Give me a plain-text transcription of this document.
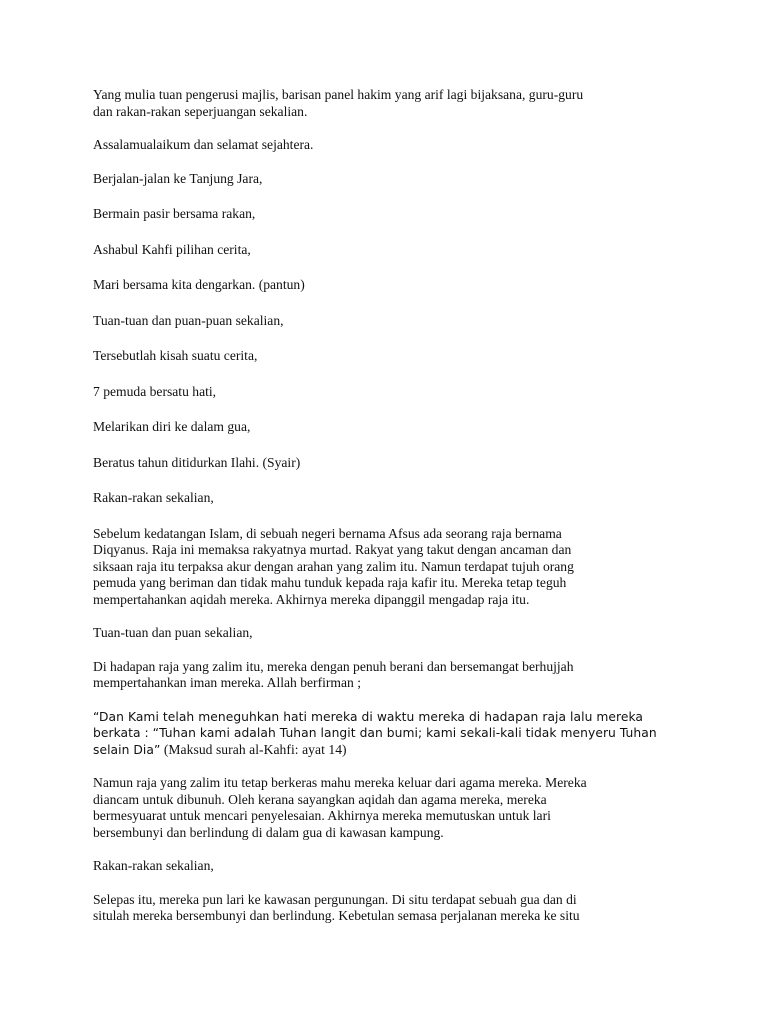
Yang mulia tuan pengerusi majlis, barisan panel hakim yang arif lagi bijaksana, guru-guru
dan rakan-rakan seperjuangan sekalian.

Assalamualaikum dan selamat sejahtera.

Berjalan-jalan ke Tanjung Jara,

Bermain pasir bersama rakan,

Ashabul Kahfi pilihan cerita,

Mari bersama kita dengarkan. (pantun)

Tuan-tuan dan puan-puan sekalian,

Tersebutlah kisah suatu cerita,

7 pemuda bersatu hati,

Melarikan diri ke dalam gua,

Beratus tahun ditidurkan Ilahi. (Syair)

Rakan-rakan sekalian,

Sebelum kedatangan Islam, di sebuah negeri bernama Afsus ada seorang raja bernama
Diqyanus. Raja ini memaksa rakyatnya murtad. Rakyat yang takut dengan ancaman dan
siksaan raja itu terpaksa akur dengan arahan yang zalim itu. Namun terdapat tujuh orang
pemuda yang beriman dan tidak mahu tunduk kepada raja kafir itu. Mereka tetap teguh
mempertahankan aqidah mereka. Akhirnya mereka dipanggil mengadap raja itu.

Tuan-tuan dan puan sekalian,

Di hadapan raja yang zalim itu, mereka dengan penuh berani dan bersemangat berhujjah
mempertahankan iman mereka. Allah berfirman ;

“Dan Kami telah meneguhkan hati mereka di waktu mereka di hadapan raja lalu mereka
berkata : “Tuhan kami adalah Tuhan langit dan bumi; kami sekali-kali tidak menyeru Tuhan
selain Dia” (Maksud surah al-Kahfi: ayat 14)

Namun raja yang zalim itu tetap berkeras mahu mereka keluar dari agama mereka. Mereka
diancam untuk dibunuh. Oleh kerana sayangkan aqidah dan agama mereka, mereka
bermesyuarat untuk mencari penyelesaian. Akhirnya mereka memutuskan untuk lari
bersembunyi dan berlindung di dalam gua di kawasan kampung.

Rakan-rakan sekalian,

Selepas itu, mereka pun lari ke kawasan pergunungan. Di situ terdapat sebuah gua dan di
situlah mereka bersembunyi dan berlindung. Kebetulan semasa perjalanan mereka ke situ
